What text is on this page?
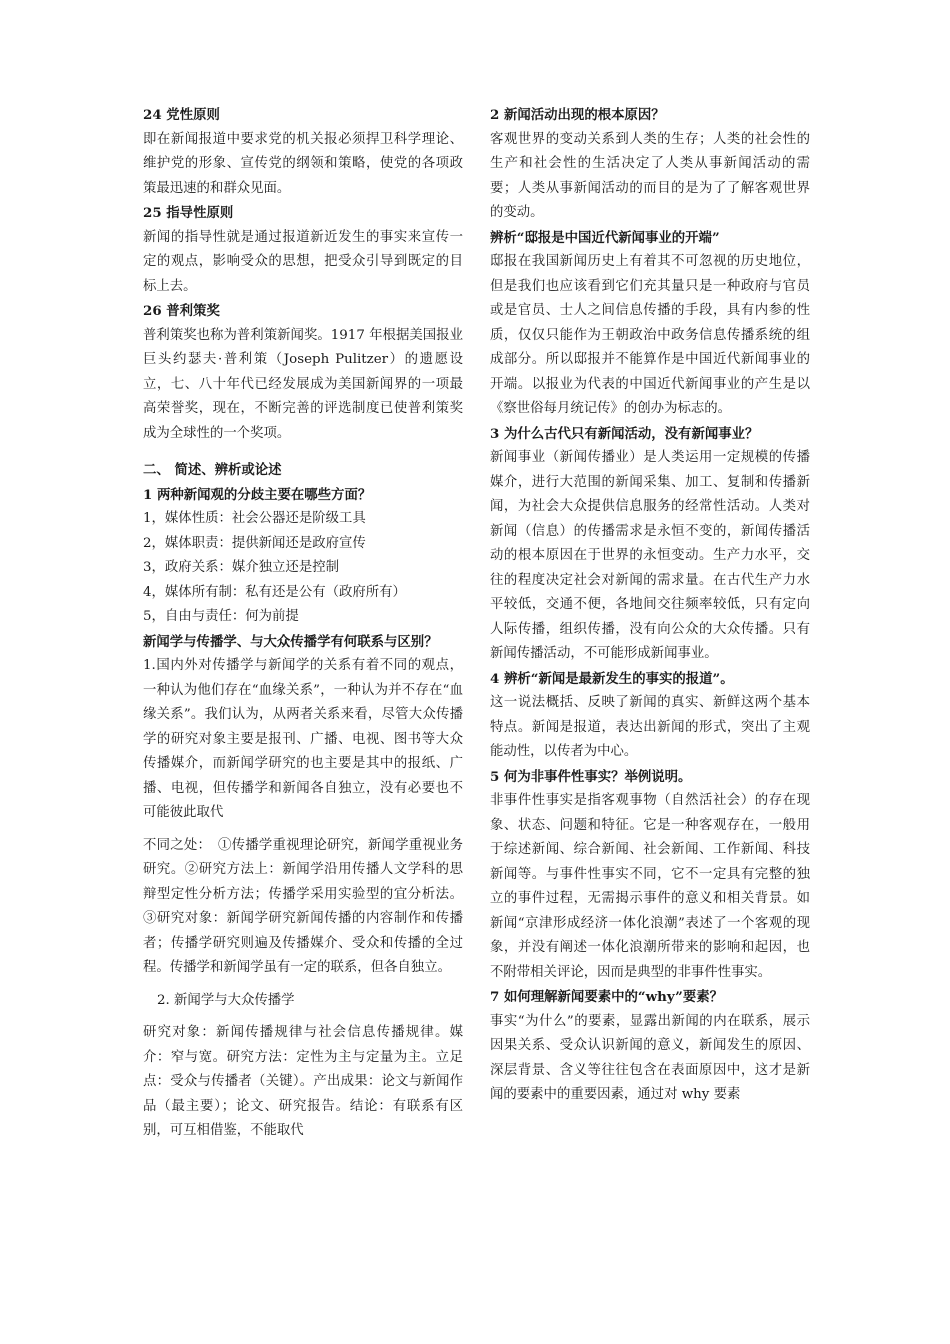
24 党性原则

即在新闻报道中要求党的机关报必须捍卫科学理论、维护党的形象、宣传党的纲领和策略，使党的各项政策最迅速的和群众见面。

25 指导性原则

新闻的指导性就是通过报道新近发生的事实来宣传一定的观点，影响受众的思想，把受众引导到既定的目标上去。

26 普利策奖

普利策奖也称为普利策新闻奖。1917 年根据美国报业巨头约瑟夫·普利策（Joseph Pulitzer）的遗愿设立，七、八十年代已经发展成为美国新闻界的一项最高荣誉奖，现在，不断完善的评选制度已使普利策奖成为全球性的一个奖项。

二、 简述、辨析或论述

1 两种新闻观的分歧主要在哪些方面？

1，媒体性质：社会公器还是阶级工具

2，媒体职责：提供新闻还是政府宣传

3，政府关系：媒介独立还是控制

4，媒体所有制：私有还是公有（政府所有）

5，自由与责任：何为前提

新闻学与传播学、与大众传播学有何联系与区别？

1.国内外对传播学与新闻学的关系有着不同的观点，一种认为他们存在“血缘关系”，一种认为并不存在“血缘关系”。我们认为，从两者关系来看，尽管大众传播学的研究对象主要是报刊、广播、电视、图书等大众传播媒介，而新闻学研究的也主要是其中的报纸、广播、电视，但传播学和新闻各自独立，没有必要也不可能彼此取代

不同之处：　①传播学重视理论研究，新闻学重视业务研究。②研究方法上：新闻学沿用传播人文学科的思辩型定性分析方法；传播学采用实验型的宜分析法。③研究对象：新闻学研究新闻传播的内容制作和传播者；传播学研究则遍及传播媒介、受众和传播的全过程。传播学和新闻学虽有一定的联系，但各自独立。

2. 新闻学与大众传播学

研究对象：新闻传播规律与社会信息传播规律。媒介：窄与宽。研究方法：定性为主与定量为主。立足点：受众与传播者（关键）。产出成果：论文与新闻作品（最主要）；论文、研究报告。结论：有联系有区别，可互相借鉴，不能取代

2 新闻活动出现的根本原因？

客观世界的变动关系到人类的生存；人类的社会性的生产和社会性的生活决定了人类从事新闻活动的需要；人类从事新闻活动的而目的是为了了解客观世界的变动。

辨析“邸报是中国近代新闻事业的开端”

邸报在我国新闻历史上有着其不可忽视的历史地位，但是我们也应该看到它们充其量只是一种政府与官员或是官员、士人之间信息传播的手段，具有内参的性质，仅仅只能作为王朝政治中政务信息传播系统的组成部分。所以邸报并不能算作是中国近代新闻事业的开端。以报业为代表的中国近代新闻事业的产生是以《察世俗每月统记传》的创办为标志的。

3 为什么古代只有新闻活动，没有新闻事业？

新闻事业（新闻传播业）是人类运用一定规模的传播媒介，进行大范围的新闻采集、加工、复制和传播新闻，为社会大众提供信息服务的经常性活动。人类对新闻（信息）的传播需求是永恒不变的，新闻传播活动的根本原因在于世界的永恒变动。生产力水平，交往的程度决定社会对新闻的需求量。在古代生产力水平较低，交通不便，各地间交往频率较低，只有定向人际传播，组织传播，没有向公众的大众传播。只有新闻传播活动，不可能形成新闻事业。

4 辨析“新闻是最新发生的事实的报道”。

这一说法概括、反映了新闻的真实、新鲜这两个基本特点。新闻是报道，表达出新闻的形式，突出了主观能动性，以传者为中心。

5 何为非事件性事实？举例说明。

非事件性事实是指客观事物（自然活社会）的存在现象、状态、问题和特征。它是一种客观存在，一般用于综述新闻、综合新闻、社会新闻、工作新闻、科技新闻等。与事件性事实不同，它不一定具有完整的独立的事件过程，无需揭示事件的意义和相关背景。如新闻“京津形成经济一体化浪潮”表述了一个客观的现象，并没有阐述一体化浪潮所带来的影响和起因，也不附带相关评论，因而是典型的非事件性事实。

7 如何理解新闻要素中的“why”要素？

事实“为什么”的要素，显露出新闻的内在联系，展示因果关系、受众认识新闻的意义，新闻发生的原因、深层背景、含义等往往包含在表面原因中，这才是新闻的要素中的重要因素，通过对 why 要素
